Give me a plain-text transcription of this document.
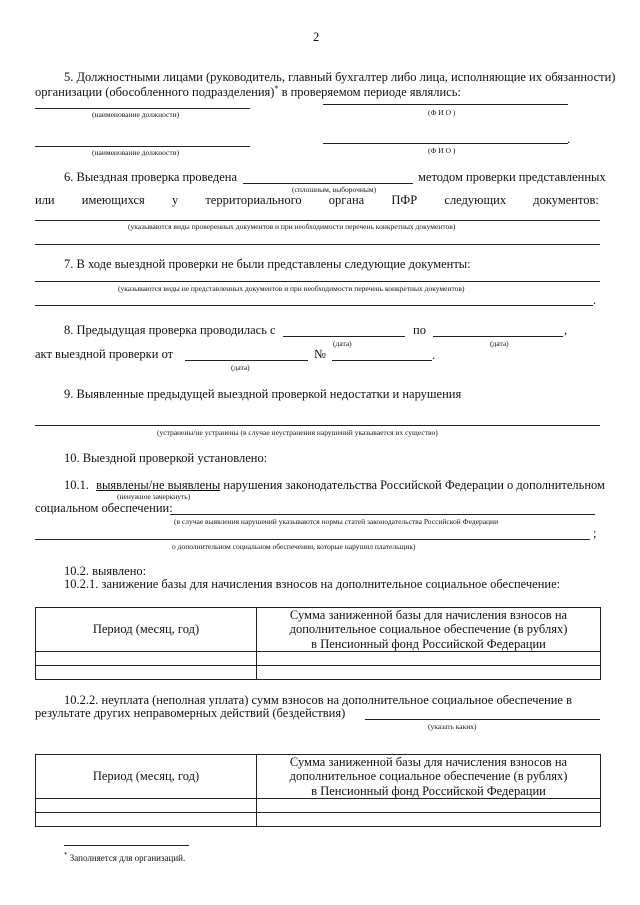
2
5. Должностными лицами (руководитель, главный бухгалтер либо лица, исполняющие их обязанности)
организации (обособленного подразделения)* в проверяемом периоде являлись:
(наименование должности)	(Ф И О )
.
(наименование должности)	(Ф И О )
6. Выездная проверка проведена	методом проверки представленных
(сплошным, выборочным)
или имеющихся у территориального органа ПФР следующих документов:
(указываются виды проверенных документов и при необходимости перечень конкретных документов)
7. В ходе выездной проверки не были представлены следующие документы:
(указываются виды не представленных документов и при необходимости перечень конкретных документов)
.
8. Предыдущая проверка проводилась с	по	,
(дата)	(дата)
акт выездной проверки от	№	.
(дата)
9. Выявленные предыдущей выездной проверкой недостатки и нарушения
(устранены/не устранены (в случае неустранения нарушений указывается их существо)
10. Выездной проверкой установлено:
10.1. выявлены/не выявлены нарушения законодательства Российской Федерации о дополнительном
(ненужное зачеркнуть)
социальном обеспечении:
(в случае выявления нарушений указываются нормы статей законодательства Российской Федерации
;
о дополнительном социальном обеспечении, которые нарушил плательщик)
10.2. выявлено:
10.2.1. занижение базы для начисления взносов на дополнительное социальное обеспечение:
Период (месяц, год)	Сумма заниженной базы для начисления взносов на
дополнительное социальное обеспечение (в рублях)
в Пенсионный фонд Российской Федерации

10.2.2. неуплата (неполная уплата) сумм взносов на дополнительное социальное обеспечение в
результате других неправомерных действий (бездействия)
(указать каких)
Период (месяц, год)	Сумма заниженной базы для начисления взносов на
дополнительное социальное обеспечение (в рублях)
в Пенсионный фонд Российской Федерации

* Заполняется для организаций.
